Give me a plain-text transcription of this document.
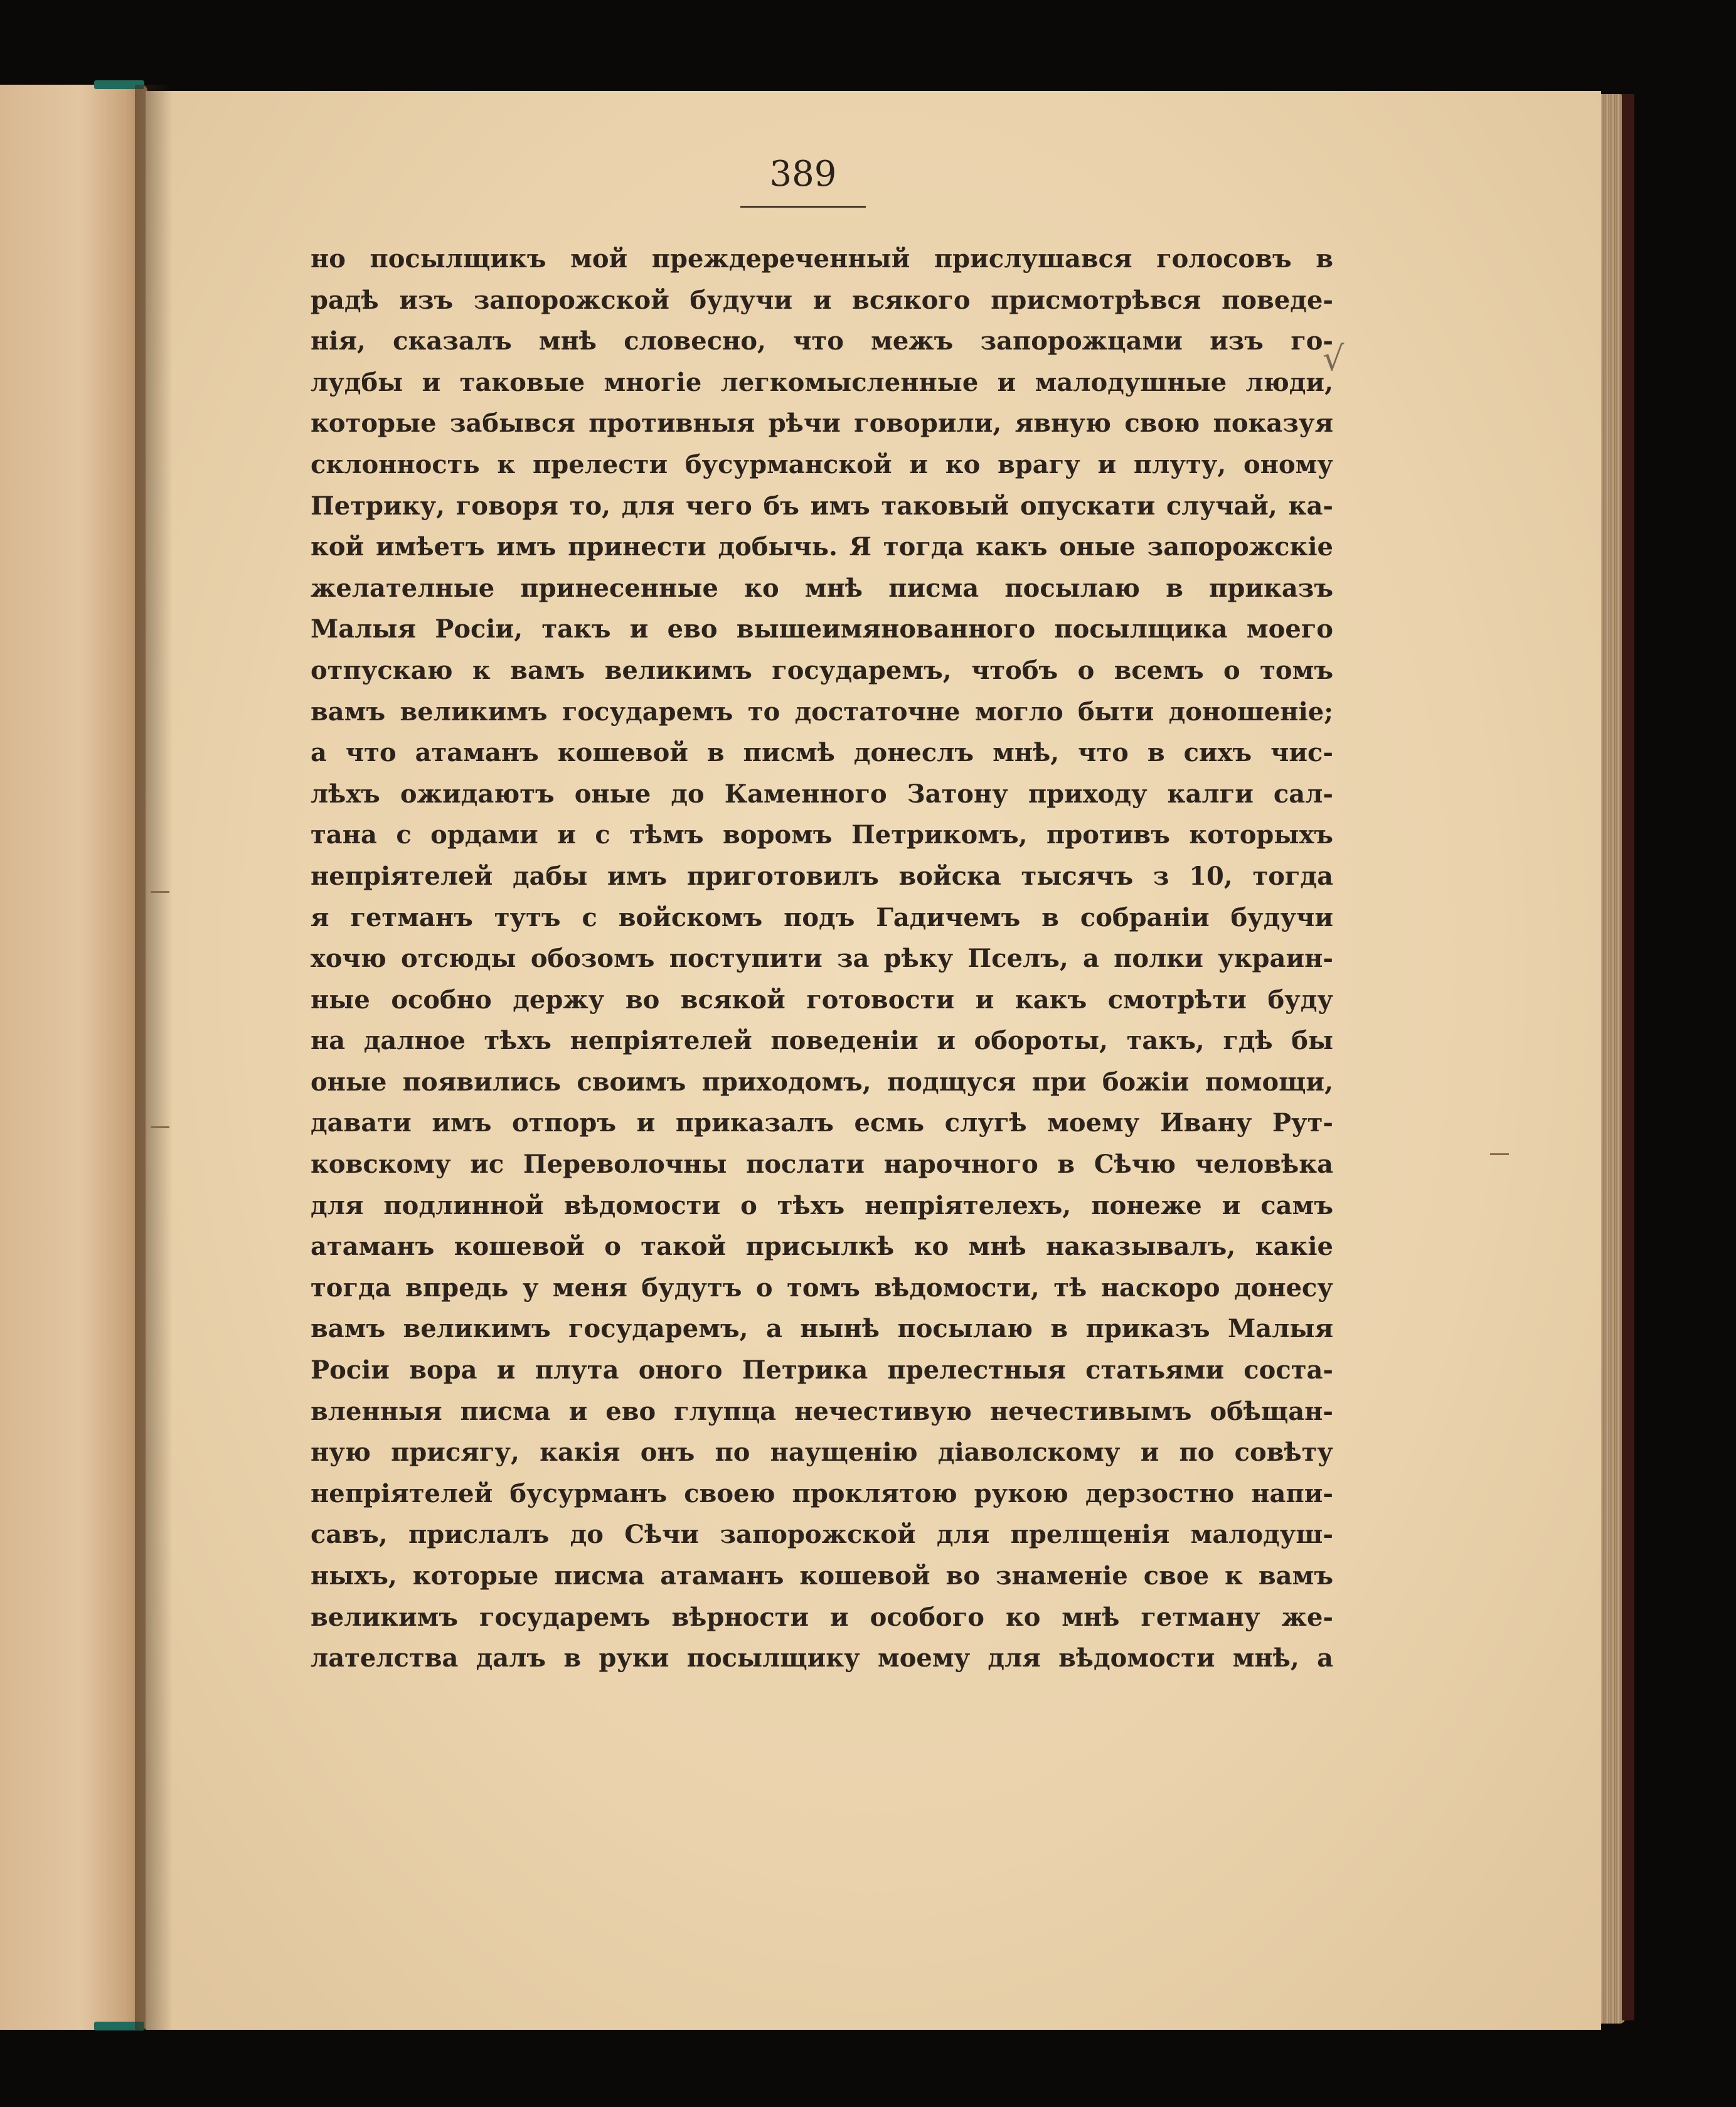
389
но посылщикъ мой преждереченный прислушався голосовъ в
радѣ изъ запорожской будучи и всякого присмотрѣвся поведе-
нія, сказалъ мнѣ словесно, что межъ запорожцами изъ го-
лудбы и таковые многіе легкомысленные и малодушные люди,
которые забывся противныя рѣчи говорили, явную свою показуя
склонность к прелести бусурманской и ко врагу и плуту, оному
Петрику, говоря то, для чего бъ имъ таковый опускати случай, ка-
кой имѣетъ имъ принести добычь. Я тогда какъ оные запорожскіе
желателные принесенные ко мнѣ писма посылаю в приказъ
Малыя Росіи, такъ и ево вышеимянованного посылщика моего
отпускаю к вамъ великимъ государемъ, чтобъ о всемъ о томъ
вамъ великимъ государемъ то достаточне могло быти доношеніе;
а что атаманъ кошевой в писмѣ донеслъ мнѣ, что в сихъ чис-
лѣхъ ожидаютъ оные до Каменного Затону приходу калги сал-
тана с ордами и с тѣмъ воромъ Петрикомъ, противъ которыхъ
непріятелей дабы имъ приготовилъ войска тысячъ з 10, тогда
я гетманъ тутъ с войскомъ подъ Гадичемъ в собраніи будучи
хочю отсюды обозомъ поступити за рѣку Пселъ, а полки украин-
ные особно держу во всякой готовости и какъ смотрѣти буду
на далное тѣхъ непріятелей поведеніи и обороты, такъ, гдѣ бы
оные появились своимъ приходомъ, подщуся при божіи помощи,
давати имъ отпоръ и приказалъ есмь слугѣ моему Ивану Рут-
ковскому ис Переволочны послати нарочного в Сѣчю человѣка
для подлинной вѣдомости о тѣхъ непріятелехъ, понеже и самъ
атаманъ кошевой о такой присылкѣ ко мнѣ наказывалъ, какіе
тогда впредь у меня будутъ о томъ вѣдомости, тѣ наскоро донесу
вамъ великимъ государемъ, а нынѣ посылаю в приказъ Малыя
Росіи вора и плута оного Петрика прелестныя статьями соста-
вленныя писма и ево глупца нечестивую нечестивымъ обѣщан-
ную присягу, какія онъ по наущенію діаволскому и по совѣту
непріятелей бусурманъ своею проклятою рукою дерзостно напи-
савъ, прислалъ до Сѣчи запорожской для прелщенія малодуш-
ныхъ, которые писма атаманъ кошевой во знаменіе свое к вамъ
великимъ государемъ вѣрности и особого ко мнѣ гетману же-
лателства далъ в руки посылщику моему для вѣдомости мнѣ, а
√
